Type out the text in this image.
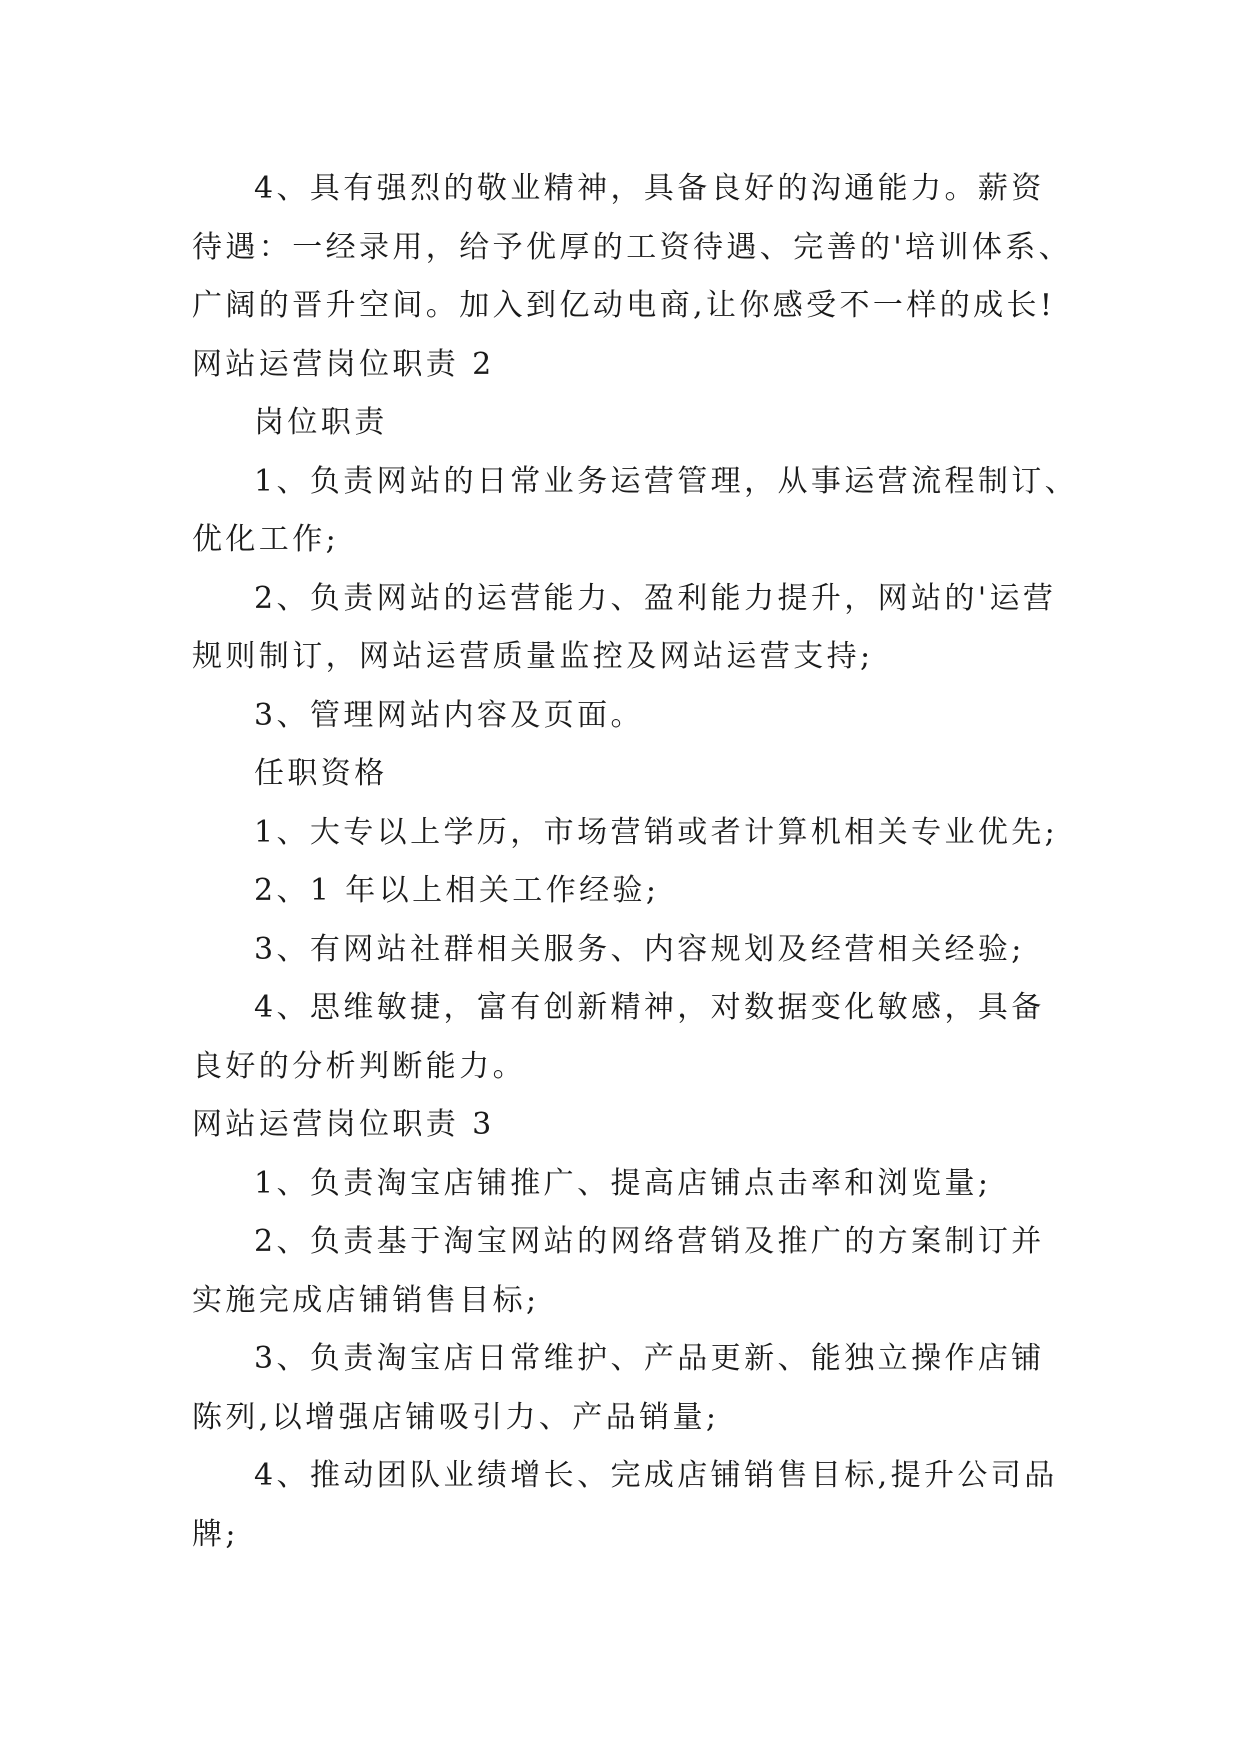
4、具有强烈的敬业精神，具备良好的沟通能力。薪资
待遇：一经录用，给予优厚的工资待遇、完善的'培训体系、
广阔的晋升空间。加入到亿动电商,让你感受不一样的成长!
网站运营岗位职责 2
岗位职责
1、负责网站的日常业务运营管理，从事运营流程制订、
优化工作;
2、负责网站的运营能力、盈利能力提升，网站的'运营
规则制订，网站运营质量监控及网站运营支持;
3、管理网站内容及页面。
任职资格
1、大专以上学历，市场营销或者计算机相关专业优先;
2、1 年以上相关工作经验;
3、有网站社群相关服务、内容规划及经营相关经验;
4、思维敏捷，富有创新精神，对数据变化敏感，具备
良好的分析判断能力。
网站运营岗位职责 3
1、负责淘宝店铺推广、提高店铺点击率和浏览量;
2、负责基于淘宝网站的网络营销及推广的方案制订并
实施完成店铺销售目标;
3、负责淘宝店日常维护、产品更新、能独立操作店铺
陈列,以增强店铺吸引力、产品销量;
4、推动团队业绩增长、完成店铺销售目标,提升公司品
牌;
